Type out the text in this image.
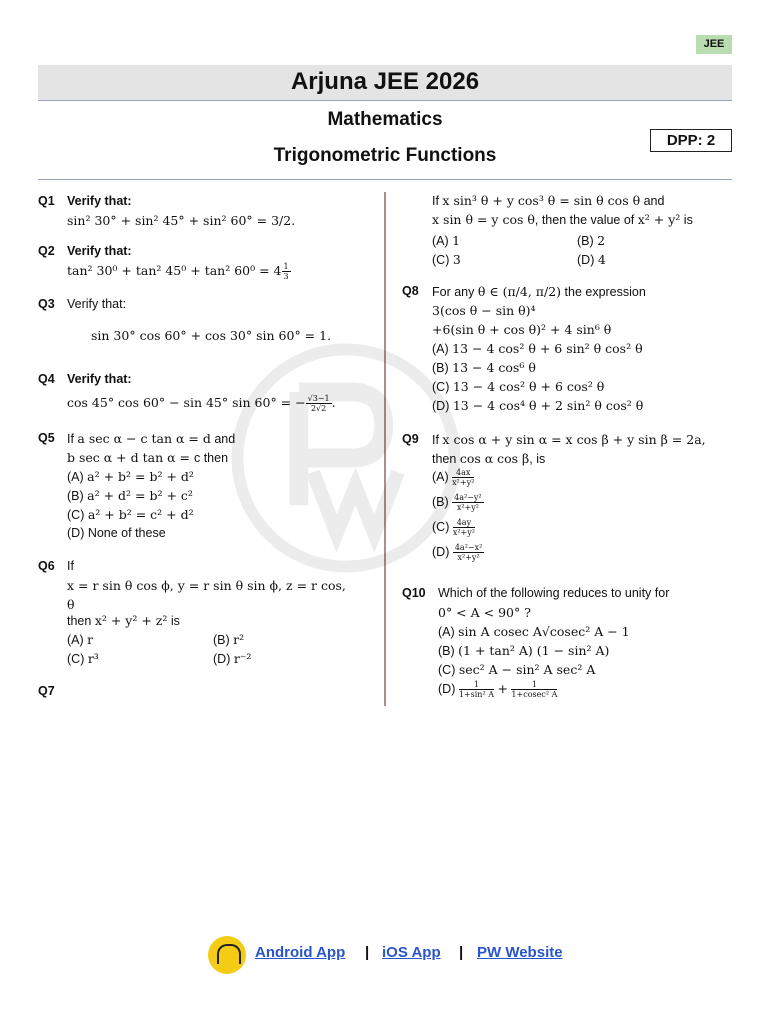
JEE
Arjuna JEE 2026
Mathematics
Trigonometric Functions
DPP: 2
Q1 Verify that:
sin² 30° + sin² 45° + sin² 60° = 3/2.
Q2 Verify that:
tan² 30⁰ + tan² 45⁰ + tan² $60^0 = 4 \frac{1}{3}$
Q3 Verify that:
sin 30° cos 60° + cos 30° sin 60° = 1.
Q4 Verify that:
cos 45° cos 60° − sin 45° sin 60° = − $\frac{√3-1}{2√2}$ .
Q5 If a sec α − c tan α = d and
b sec α + d tan α = c then
(A) a² + b² = b² + d²
(B) a² + d² = b² + c²
(C) a² + b² = c² + d²
(D) None of these
Q6 If
x = r sin θ cos ϕ, y = r sin θ sin ϕ, z = r cos,
θ
then x² + y² + z² is
(A) r	(B) r²
(C) r³	(D) r⁻²
Q7
If x sin³ θ + y cos³ θ = sin θ cos θ and
x sin θ = y cos θ, then the value of x² + y² is
(A) 1	(B) 2
(C) 3	(D) 4
Q8 For any θ ∈ (π/4, π/2) the expression
3(cos θ − sin θ)⁴
+6(sin θ + cos θ)² + 4 sin⁶ θ
(A) 13 − 4 cos² θ + 6 sin² θ cos² θ
(B) 13 − 4 cos⁶ θ
(C) 13 − 4 cos² θ + 6 cos² θ
(D) 13 − 4 cos⁴ θ + 2 sin² θ cos² θ
Q9 If x cos α + y sin α = x cos β + y sin β = 2a,
then cos α cos β, is
$(A) \frac{4ax}{\text{x²+y²}}$
$(B) \frac{\text{4a²−y²}}{\text{x²+y²}}$
$(C) \frac{4ay}{\text{x²+y²}}$
$(D) \frac{\text{4a²−x²}}{\text{x²+y²}}$
Q10 Which of the following reduces to unity for
0° < A < 90° ?
(A) sin A cosec A√cosec² A − 1
(B) (1 + tan² A) (1 − sin² A)
(C) sec² A − sin² A sec² A
$(D) \frac{1}{\text{1+sin² A}} + \frac{1}{\text{1+cosec² A}}$
Android App | iOS App | PW Website
